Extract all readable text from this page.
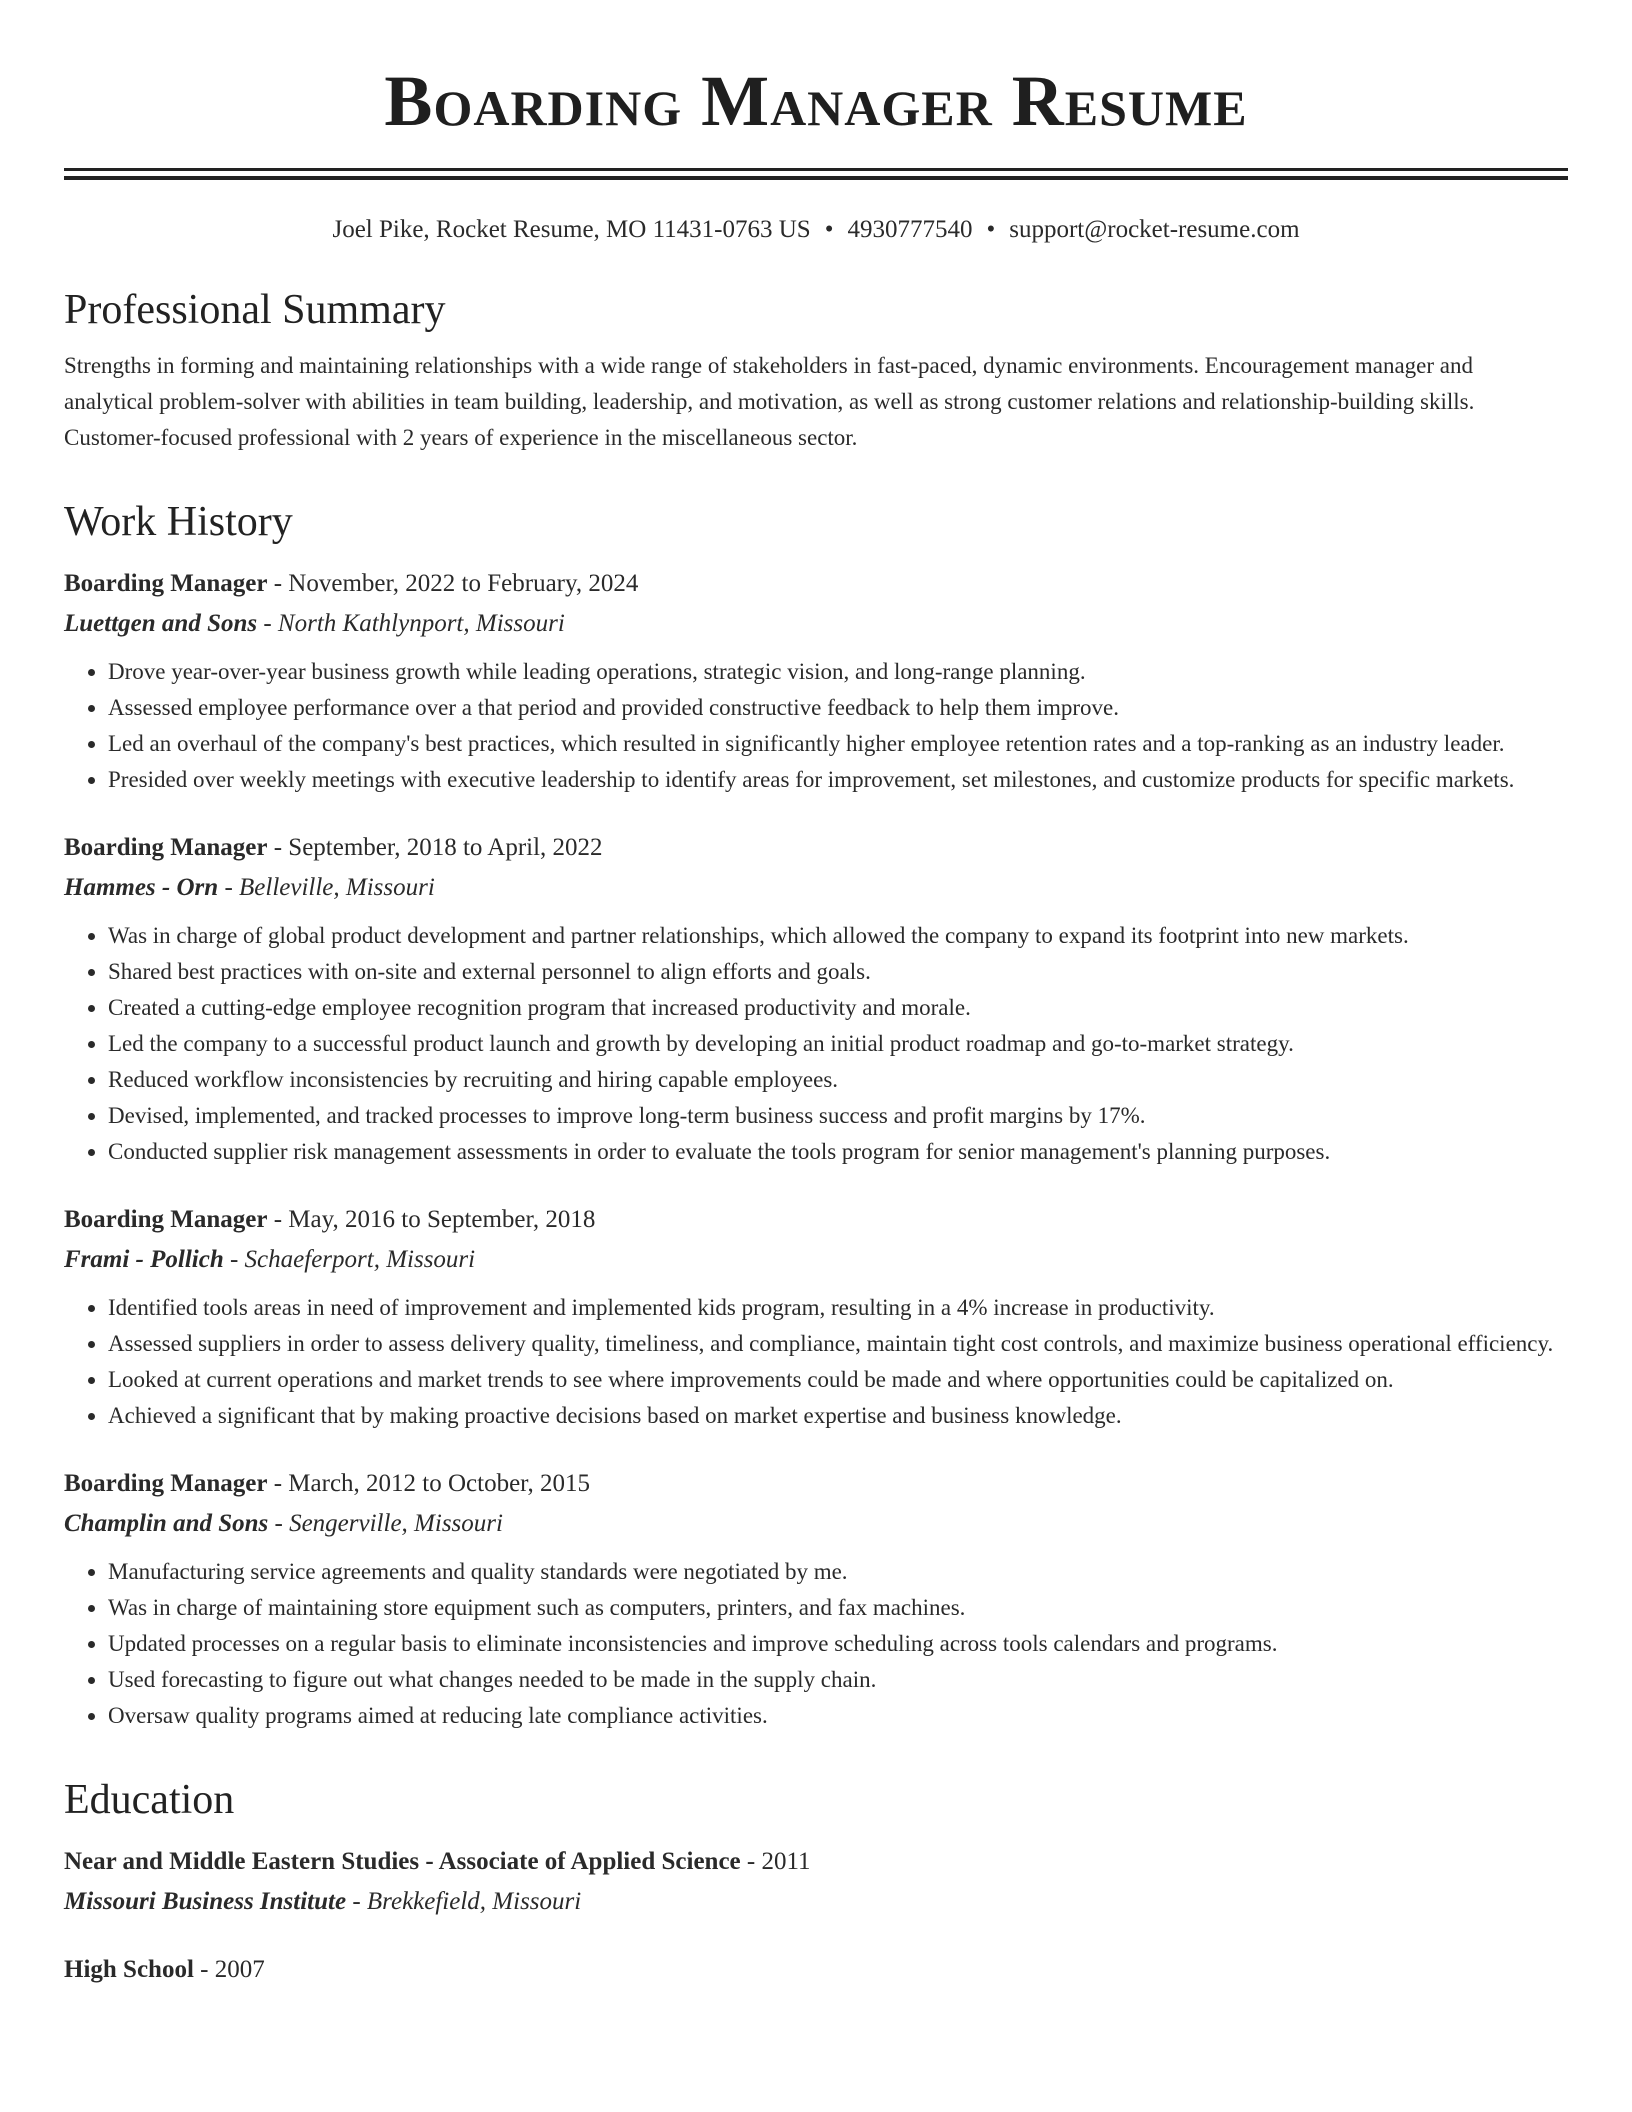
Boarding Manager Resume
Joel Pike, Rocket Resume, MO 11431-0763 US • 4930777540 • support@rocket-resume.com
Professional Summary
Strengths in forming and maintaining relationships with a wide range of stakeholders in fast-paced, dynamic environments. Encouragement manager and analytical problem-solver with abilities in team building, leadership, and motivation, as well as strong customer relations and relationship-building skills. Customer-focused professional with 2 years of experience in the miscellaneous sector.
Work History
Boarding Manager - November, 2022 to February, 2024
Luettgen and Sons - North Kathlynport, Missouri
• Drove year-over-year business growth while leading operations, strategic vision, and long-range planning.
• Assessed employee performance over a that period and provided constructive feedback to help them improve.
• Led an overhaul of the company's best practices, which resulted in significantly higher employee retention rates and a top-ranking as an industry leader.
• Presided over weekly meetings with executive leadership to identify areas for improvement, set milestones, and customize products for specific markets.
Boarding Manager - September, 2018 to April, 2022
Hammes - Orn - Belleville, Missouri
• Was in charge of global product development and partner relationships, which allowed the company to expand its footprint into new markets.
• Shared best practices with on-site and external personnel to align efforts and goals.
• Created a cutting-edge employee recognition program that increased productivity and morale.
• Led the company to a successful product launch and growth by developing an initial product roadmap and go-to-market strategy.
• Reduced workflow inconsistencies by recruiting and hiring capable employees.
• Devised, implemented, and tracked processes to improve long-term business success and profit margins by 17%.
• Conducted supplier risk management assessments in order to evaluate the tools program for senior management's planning purposes.
Boarding Manager - May, 2016 to September, 2018
Frami - Pollich - Schaeferport, Missouri
• Identified tools areas in need of improvement and implemented kids program, resulting in a 4% increase in productivity.
• Assessed suppliers in order to assess delivery quality, timeliness, and compliance, maintain tight cost controls, and maximize business operational efficiency.
• Looked at current operations and market trends to see where improvements could be made and where opportunities could be capitalized on.
• Achieved a significant that by making proactive decisions based on market expertise and business knowledge.
Boarding Manager - March, 2012 to October, 2015
Champlin and Sons - Sengerville, Missouri
• Manufacturing service agreements and quality standards were negotiated by me.
• Was in charge of maintaining store equipment such as computers, printers, and fax machines.
• Updated processes on a regular basis to eliminate inconsistencies and improve scheduling across tools calendars and programs.
• Used forecasting to figure out what changes needed to be made in the supply chain.
• Oversaw quality programs aimed at reducing late compliance activities.
Education
Near and Middle Eastern Studies - Associate of Applied Science - 2011
Missouri Business Institute - Brekkefield, Missouri
High School - 2007
